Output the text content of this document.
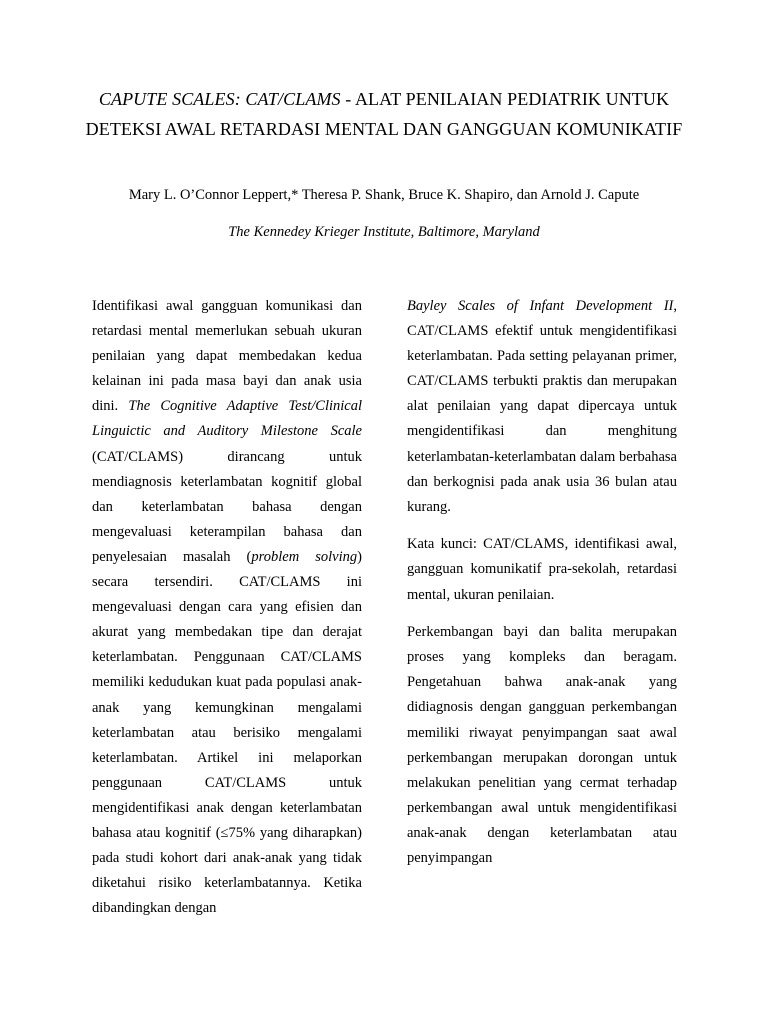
CAPUTE SCALES: CAT/CLAMS - ALAT PENILAIAN PEDIATRIK UNTUK DETEKSI AWAL RETARDASI MENTAL DAN GANGGUAN KOMUNIKATIF
Mary L. O’Connor Leppert,* Theresa P. Shank, Bruce K. Shapiro, dan Arnold J. Capute
The Kennedey Krieger Institute, Baltimore, Maryland

Identifikasi awal gangguan komunikasi dan retardasi mental memerlukan sebuah ukuran penilaian yang dapat membedakan kedua kelainan ini pada masa bayi dan anak usia dini. The Cognitive Adaptive Test/Clinical Linguictic and Auditory Milestone Scale (CAT/CLAMS) dirancang untuk mendiagnosis keterlambatan kognitif global dan keterlambatan bahasa dengan mengevaluasi keterampilan bahasa dan penyelesaian masalah (problem solving) secara tersendiri. CAT/CLAMS ini mengevaluasi dengan cara yang efisien dan akurat yang membedakan tipe dan derajat keterlambatan. Penggunaan CAT/CLAMS memiliki kedudukan kuat pada populasi anak-anak yang kemungkinan mengalami keterlambatan atau berisiko mengalami keterlambatan. Artikel ini melaporkan penggunaan CAT/CLAMS untuk mengidentifikasi anak dengan keterlambatan bahasa atau kognitif (≤75% yang diharapkan) pada studi kohort dari anak-anak yang tidak diketahui risiko keterlambatannya. Ketika dibandingkan dengan

Bayley Scales of Infant Development II, CAT/CLAMS efektif untuk mengidentifikasi keterlambatan. Pada setting pelayanan primer, CAT/CLAMS terbukti praktis dan merupakan alat penilaian yang dapat dipercaya untuk mengidentifikasi dan menghitung keterlambatan-keterlambatan dalam berbahasa dan berkognisi pada anak usia 36 bulan atau kurang.

Kata kunci: CAT/CLAMS, identifikasi awal, gangguan komunikatif pra-sekolah, retardasi mental, ukuran penilaian.

Perkembangan bayi dan balita merupakan proses yang kompleks dan beragam. Pengetahuan bahwa anak-anak yang didiagnosis dengan gangguan perkembangan memiliki riwayat penyimpangan saat awal perkembangan merupakan dorongan untuk melakukan penelitian yang cermat terhadap perkembangan awal untuk mengidentifikasi anak-anak dengan keterlambatan atau penyimpangan
